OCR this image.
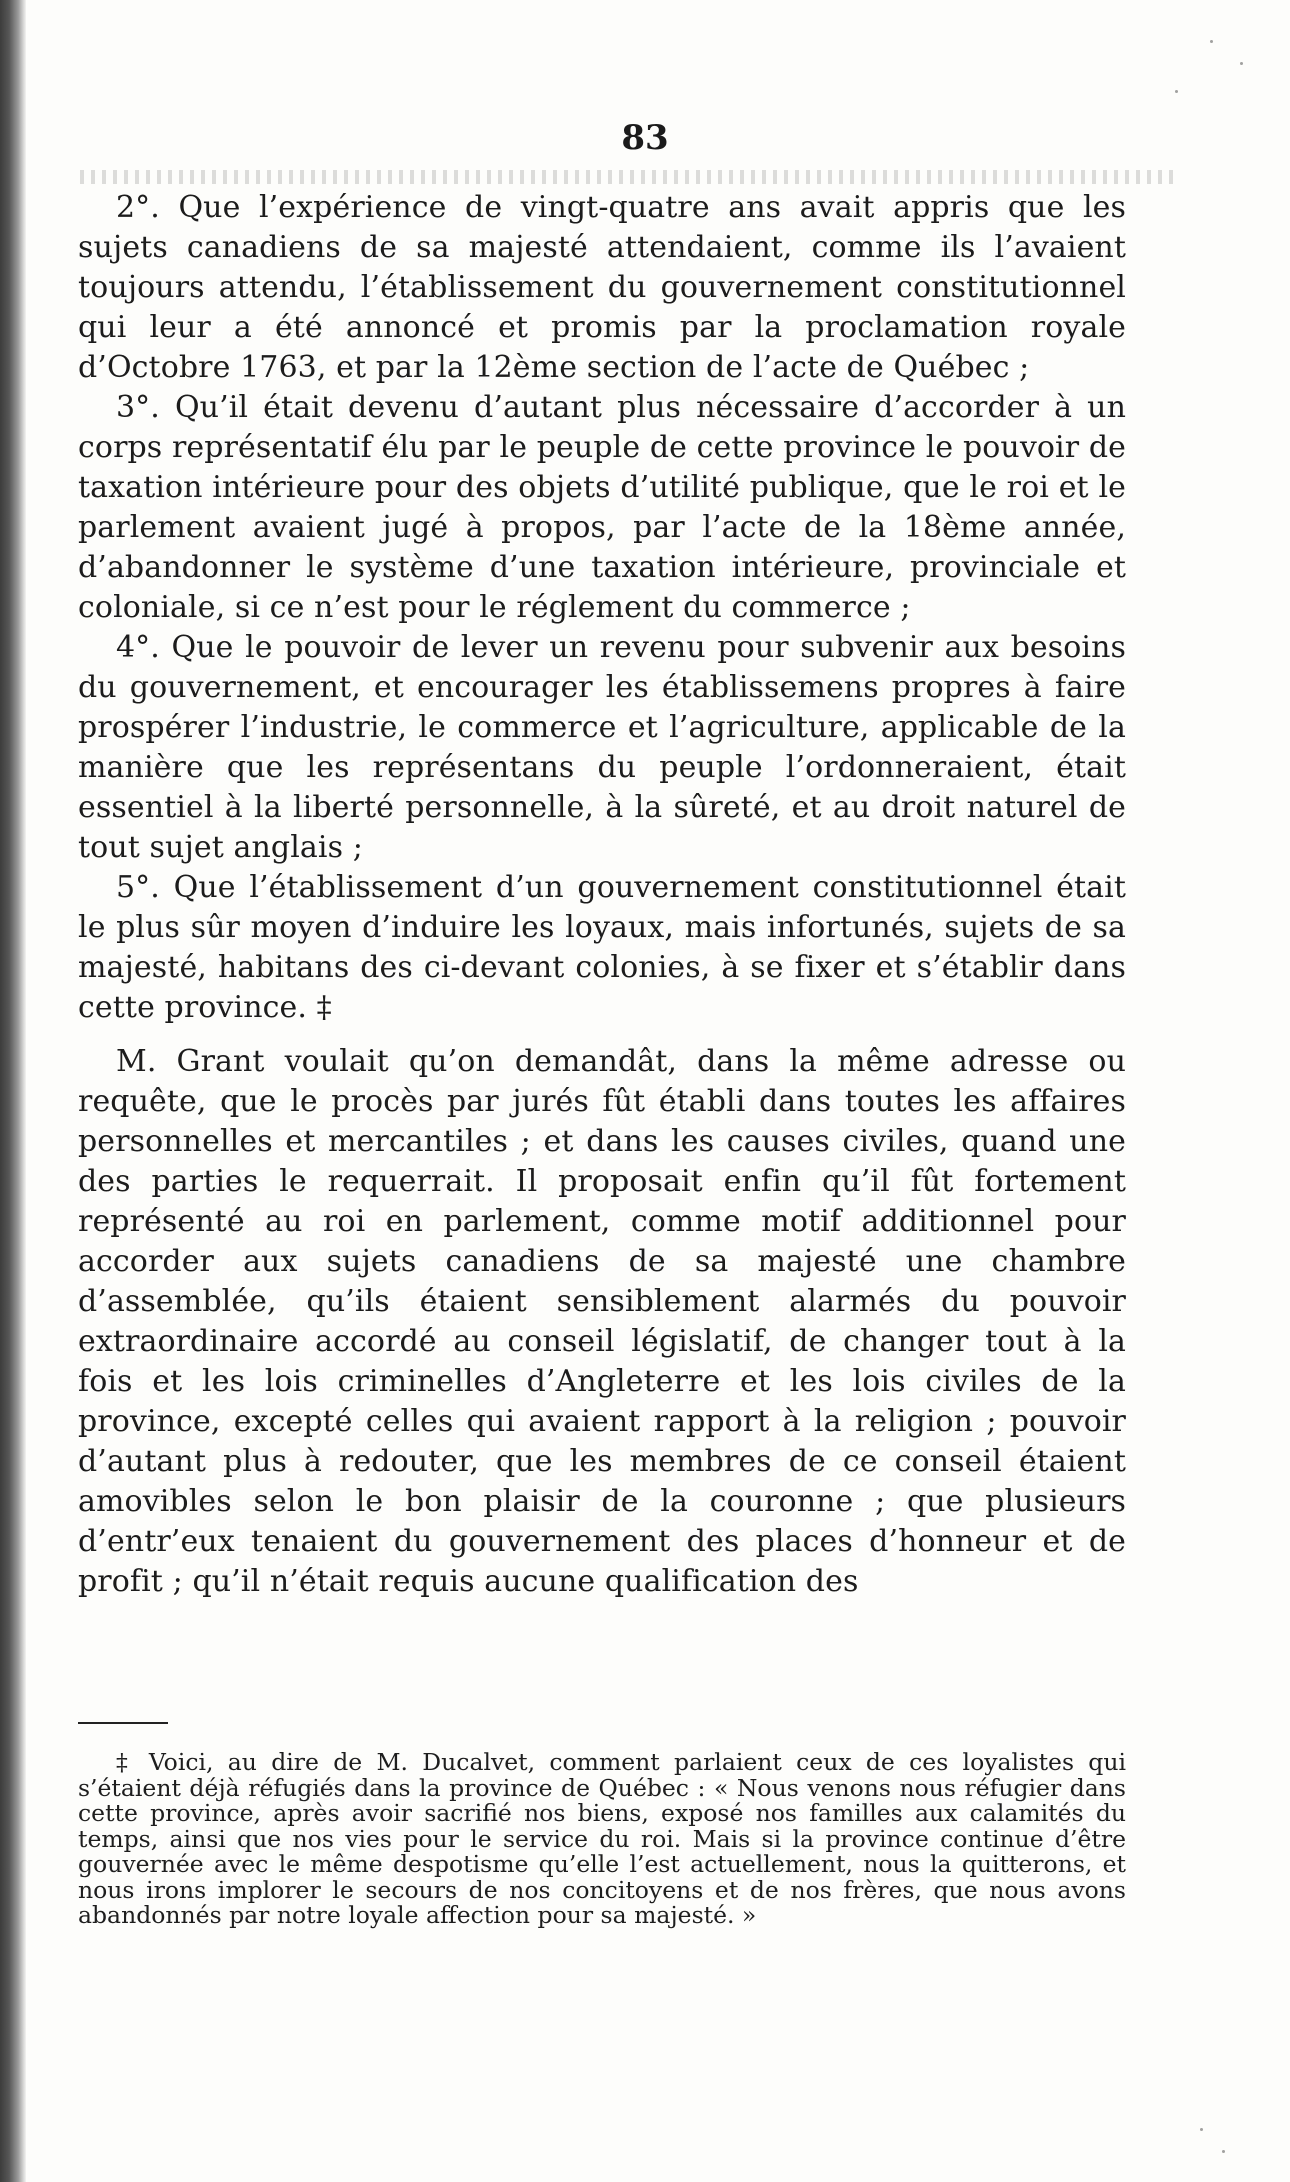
83

2°. Que l’expérience de vingt-quatre ans avait appris que les sujets canadiens de sa majesté attendaient, comme ils l’avaient toujours attendu, l’établissement du gouvernement constitutionnel qui leur a été annoncé et promis par la proclamation royale d’Octobre 1763, et par la 12ème section de l’acte de Québec ;

3°. Qu’il était devenu d’autant plus nécessaire d’accorder à un corps représentatif élu par le peuple de cette province le pouvoir de taxation intérieure pour des objets d’utilité publique, que le roi et le parlement avaient jugé à propos, par l’acte de la 18ème année, d’abandonner le système d’une taxation intérieure, provinciale et coloniale, si ce n’est pour le réglement du commerce ;

4°. Que le pouvoir de lever un revenu pour subvenir aux besoins du gouvernement, et encourager les établissemens propres à faire prospérer l’industrie, le commerce et l’agriculture, applicable de la manière que les représentans du peuple l’ordonneraient, était essentiel à la liberté personnelle, à la sûreté, et au droit naturel de tout sujet anglais ;

5°. Que l’établissement d’un gouvernement constitutionnel était le plus sûr moyen d’induire les loyaux, mais infortunés, sujets de sa majesté, habitans des ci-devant colonies, à se fixer et s’établir dans cette province. ‡

M. Grant voulait qu’on demandât, dans la même adresse ou requête, que le procès par jurés fût établi dans toutes les affaires personnelles et mercantiles ; et dans les causes civiles, quand une des parties le requerrait. Il proposait enfin qu’il fût fortement représenté au roi en parlement, comme motif additionnel pour accorder aux sujets canadiens de sa majesté une chambre d’assemblée, qu’ils étaient sensiblement alarmés du pouvoir extraordinaire accordé au conseil législatif, de changer tout à la fois et les lois criminelles d’Angleterre et les lois civiles de la province, excepté celles qui avaient rapport à la religion ; pouvoir d’autant plus à redouter, que les membres de ce conseil étaient amovibles selon le bon plaisir de la couronne ; que plusieurs d’entr’eux tenaient du gouvernement des places d’honneur et de profit ; qu’il n’était requis aucune qualification des

‡ Voici, au dire de M. Ducalvet, comment parlaient ceux de ces loyalistes qui s’étaient déjà réfugiés dans la province de Québec : « Nous venons nous réfugier dans cette province, après avoir sacrifié nos biens, exposé nos familles aux calamités du temps, ainsi que nos vies pour le service du roi. Mais si la province continue d’être gouvernée avec le même despotisme qu’elle l’est actuellement, nous la quitterons, et nous irons implorer le secours de nos concitoyens et de nos frères, que nous avons abandonnés par notre loyale affection pour sa majesté. »
